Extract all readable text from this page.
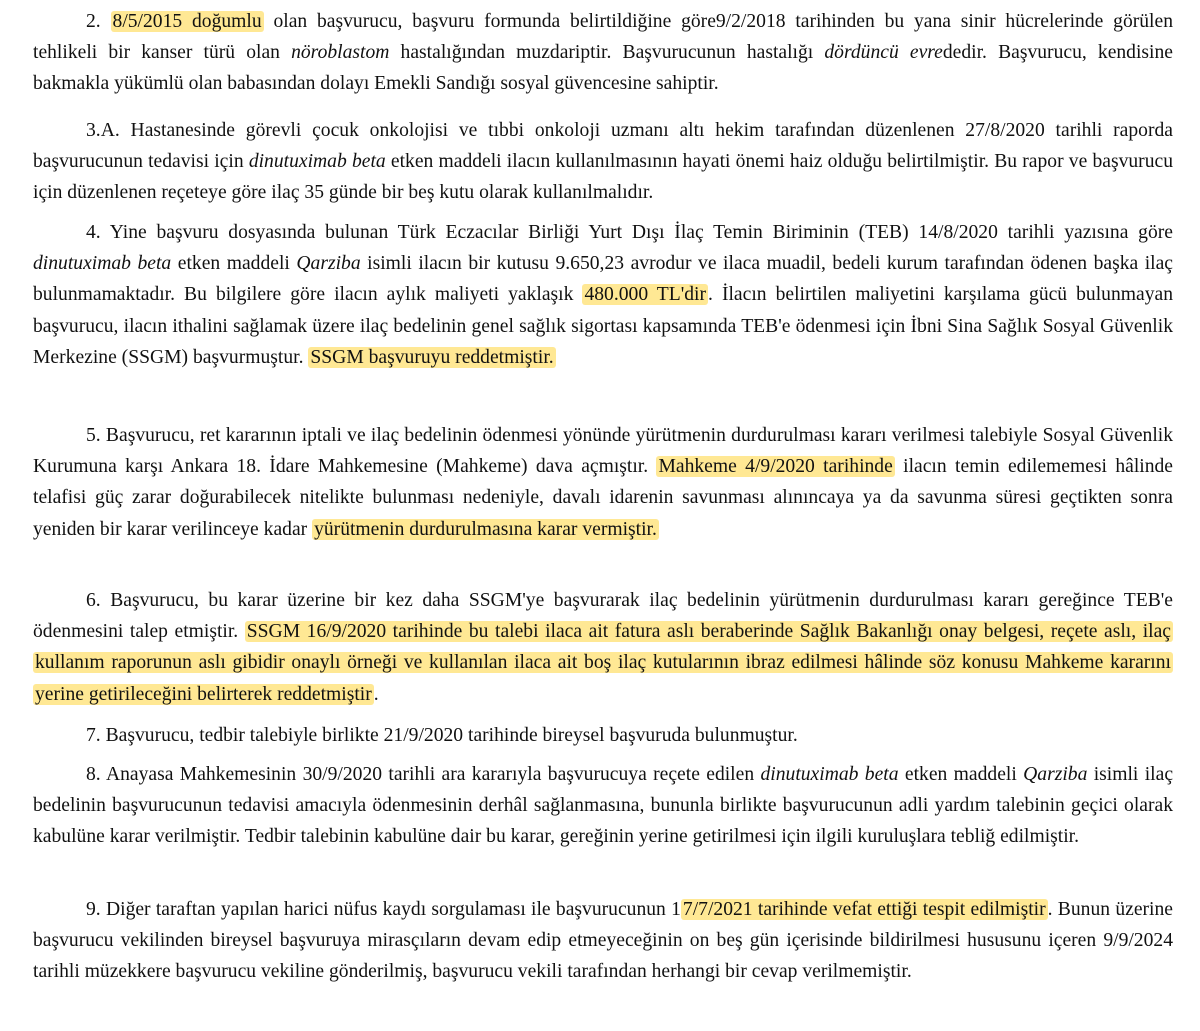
2. 8/5/2015 doğumlu olan başvurucu, başvuru formunda belirtildiğine göre9/2/2018 tarihinden bu yana sinir hücrelerinde görülen tehlikeli bir kanser türü olan nöroblastom hastalığından muzdariptir. Başvurucunun hastalığı dördüncü evrededir. Başvurucu, kendisine bakmakla yükümlü olan babasından dolayı Emekli Sandığı sosyal güvencesine sahiptir.

3.A. Hastanesinde görevli çocuk onkolojisi ve tıbbi onkoloji uzmanı altı hekim tarafından düzenlenen 27/8/2020 tarihli raporda başvurucunun tedavisi için dinutuximab beta etken maddeli ilacın kullanılmasının hayati önemi haiz olduğu belirtilmiştir. Bu rapor ve başvurucu için düzenlenen reçeteye göre ilaç 35 günde bir beş kutu olarak kullanılmalıdır.

4. Yine başvuru dosyasında bulunan Türk Eczacılar Birliği Yurt Dışı İlaç Temin Biriminin (TEB) 14/8/2020 tarihli yazısına göre dinutuximab beta etken maddeli Qarziba isimli ilacın bir kutusu 9.650,23 avrodur ve ilaca muadil, bedeli kurum tarafından ödenen başka ilaç bulunmamaktadır. Bu bilgilere göre ilacın aylık maliyeti yaklaşık 480.000 TL'dir . İlacın belirtilen maliyetini karşılama gücü bulunmayan başvurucu, ilacın ithalini sağlamak üzere ilaç bedelinin genel sağlık sigortası kapsamında TEB'e ödenmesi için İbni Sina Sağlık Sosyal Güvenlik Merkezine (SSGM) başvurmuştur. SSGM başvuruyu reddetmiştir.

5. Başvurucu, ret kararının iptali ve ilaç bedelinin ödenmesi yönünde yürütmenin durdurulması kararı verilmesi talebiyle Sosyal Güvenlik Kurumuna karşı Ankara 18. İdare Mahkemesine (Mahkeme) dava açmıştır. Mahkeme 4/9/2020 tarihinde ilacın temin edilememesi hâlinde telafisi güç zarar doğurabilecek nitelikte bulunması nedeniyle, davalı idarenin savunması alınıncaya ya da savunma süresi geçtikten sonra yeniden bir karar verilinceye kadar yürütmenin durdurulmasına karar vermiştir.

6. Başvurucu, bu karar üzerine bir kez daha SSGM'ye başvurarak ilaç bedelinin yürütmenin durdurulması kararı gereğince TEB'e ödenmesini talep etmiştir. SSGM 16/9/2020 tarihinde bu talebi ilaca ait fatura aslı beraberinde Sağlık Bakanlığı onay belgesi, reçete aslı, ilaç kullanım raporunun aslı gibidir onaylı örneği ve kullanılan ilaca ait boş ilaç kutularının ibraz edilmesi hâlinde söz konusu Mahkeme kararını yerine getirileceğini belirterek reddetmiştir .

7. Başvurucu, tedbir talebiyle birlikte 21/9/2020 tarihinde bireysel başvuruda bulunmuştur.

8. Anayasa Mahkemesinin 30/9/2020 tarihli ara kararıyla başvurucuya reçete edilen dinutuximab beta etken maddeli Qarziba isimli ilaç bedelinin başvurucunun tedavisi amacıyla ödenmesinin derhâl sağlanmasına, bununla birlikte başvurucunun adli yardım talebinin geçici olarak kabulüne karar verilmiştir. Tedbir talebinin kabulüne dair bu karar, gereğinin yerine getirilmesi için ilgili kuruluşlara tebliğ edilmiştir.

9. Diğer taraftan yapılan harici nüfus kaydı sorgulaması ile başvurucunun 1 7/7/2021 tarihinde vefat ettiği tespit edilmiştir . Bunun üzerine başvurucu vekilinden bireysel başvuruya mirasçıların devam edip etmeyeceğinin on beş gün içerisinde bildirilmesi hususunu içeren 9/9/2024 tarihli müzekkere başvurucu vekiline gönderilmiş, başvurucu vekili tarafından herhangi bir cevap verilmemiştir.
